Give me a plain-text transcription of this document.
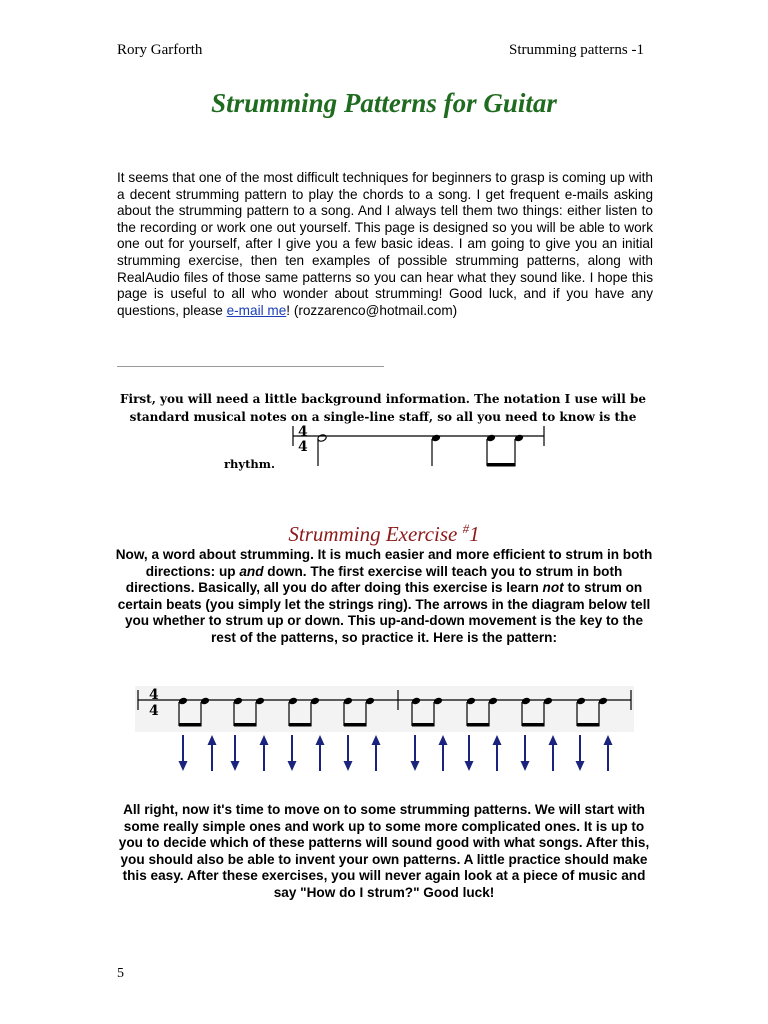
Rory Garforth	Strumming patterns -1
Strumming Patterns for Guitar
It seems that one of the most difficult techniques for beginners to grasp is coming up with a decent strumming pattern to play the chords to a song. I get frequent e-mails asking about the strumming pattern to a song. And I always tell them two things: either listen to the recording or work one out yourself. This page is designed so you will be able to work one out for yourself, after I give you a few basic ideas. I am going to give you an initial strumming exercise, then ten examples of possible strumming patterns, along with RealAudio files of those same patterns so you can hear what they sound like. I hope this page is useful to all who wonder about strumming! Good luck, and if you have any questions, please e-mail me! (rozzarenco@hotmail.com)
First, you will need a little background information. The notation I use will be standard musical notes on a single-line staff, so all you need to know is the
4
4
rhythm.
Strumming Exercise #1
Now, a word about strumming. It is much easier and more efficient to strum in both directions: up and down. The first exercise will teach you to strum in both directions. Basically, all you do after doing this exercise is learn not to strum on certain beats (you simply let the strings ring). The arrows in the diagram below tell you whether to strum up or down. This up-and-down movement is the key to the rest of the patterns, so practice it. Here is the pattern:
4
4
All right, now it's time to move on to some strumming patterns. We will start with some really simple ones and work up to some more complicated ones. It is up to you to decide which of these patterns will sound good with what songs. After this, you should also be able to invent your own patterns. A little practice should make this easy. After these exercises, you will never again look at a piece of music and say "How do I strum?" Good luck!
5
